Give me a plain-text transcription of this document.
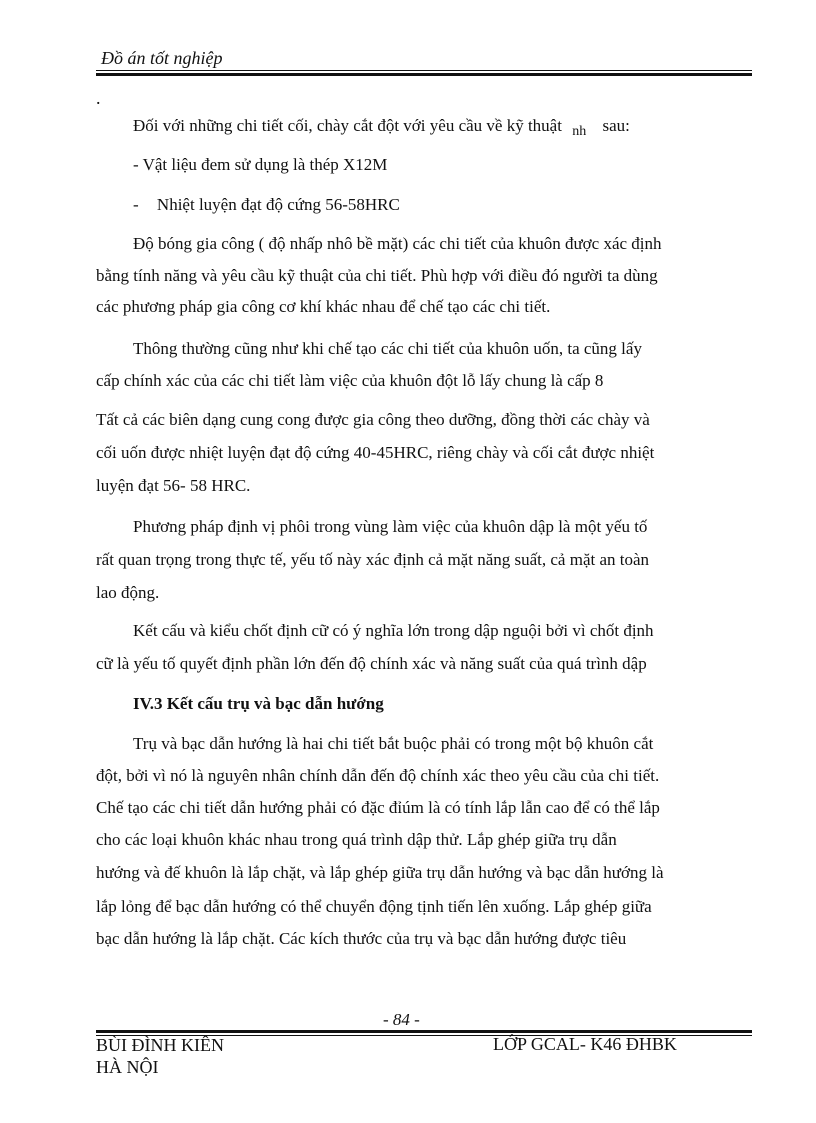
Đồ án tốt nghiệp
.
Đối với những chi tiết cối, chày cắt đột với yêu cầu về kỹ thuật $_{nh}$ sau:
- Vật liệu đem sử dụng là thép X12M
- Nhiệt luyện đạt độ cứng 56-58HRC
Độ bóng gia công ( độ nhấp nhô bề mặt) các chi tiết của khuôn được xác định
bằng tính năng và yêu cầu kỹ thuật của chi tiết. Phù hợp với điều đó người ta dùng
các phương pháp gia công cơ khí khác nhau để chế tạo các chi tiết.
Thông thường cũng như khi chế tạo các chi tiết của khuôn uốn, ta cũng lấy
cấp chính xác của các chi tiết làm việc của khuôn đột lỗ lấy chung là cấp 8
Tất cả các biên dạng cung cong được gia công theo dưỡng, đồng thời các chày và
cối uốn được nhiệt luyện đạt độ cứng 40-45HRC, riêng chày và cối cắt được nhiệt
luyện đạt 56- 58 HRC.
Phương pháp định vị phôi trong vùng làm việc của khuôn dập là một yếu tố
rất quan trọng trong thực tế, yếu tố này xác định cả mặt năng suất, cả mặt an toàn
lao động.
Kết cấu và kiểu chốt định cữ có ý nghĩa lớn trong dập nguội bởi vì chốt định
cữ là yếu tố quyết định phần lớn đến độ chính xác và năng suất của quá trình dập
IV.3 Kết cấu trụ và bạc dẫn hướng
Trụ và bạc dẫn hướng là hai chi tiết bắt buộc phải có trong một bộ khuôn cắt
đột, bởi vì nó là nguyên nhân chính dẫn đến độ chính xác theo yêu cầu của chi tiết.
Chế tạo các chi tiết dẫn hướng phải có đặc đỉúm là có tính lắp lẫn cao để có thể lắp
cho các loại khuôn khác nhau trong quá trình dập thử. Lắp ghép giữa trụ dẫn
hướng và đế khuôn là lắp chặt, và lắp ghép giữa trụ dẫn hướng và bạc dẫn hướng là
lắp lỏng để bạc dẫn hướng có thể chuyển động tịnh tiến lên xuống. Lắp ghép giữa
bạc dẫn hướng là lắp chặt. Các kích thước của trụ và bạc dẫn hướng được tiêu
- 84 -
BÙI ĐÌNH KIÊN
HÀ NỘI
LỚP GCAL- K46 ĐHBK
